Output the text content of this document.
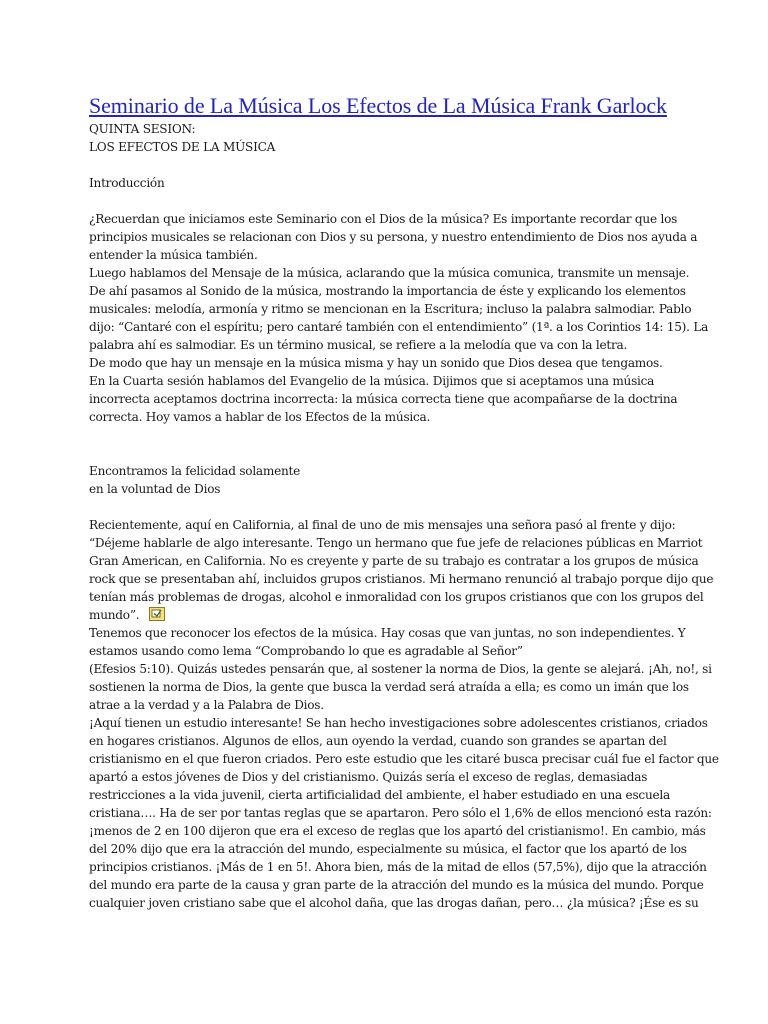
Seminario de La Música Los Efectos de La Música Frank Garlock
QUINTA SESION:
LOS EFECTOS DE LA MÚSICA
Introducción
¿Recuerdan que iniciamos este Seminario con el Dios de la música? Es importante recordar que los
principios musicales se relacionan con Dios y su persona, y nuestro entendimiento de Dios nos ayuda a
entender la música también.
Luego hablamos del Mensaje de la música, aclarando que la música comunica, transmite un mensaje.
De ahí pasamos al Sonido de la música, mostrando la importancia de éste y explicando los elementos
musicales: melodía, armonía y ritmo se mencionan en la Escritura; incluso la palabra salmodiar. Pablo
dijo: “Cantaré con el espíritu; pero cantaré también con el entendimiento” (1ª. a los Corintios 14: 15). La
palabra ahí es salmodiar. Es un término musical, se refiere a la melodía que va con la letra.
De modo que hay un mensaje en la música misma y hay un sonido que Dios desea que tengamos.
En la Cuarta sesión hablamos del Evangelio de la música. Dijimos que si aceptamos una música
incorrecta aceptamos doctrina incorrecta: la música correcta tiene que acompañarse de la doctrina
correcta. Hoy vamos a hablar de los Efectos de la música.
Encontramos la felicidad solamente
en la voluntad de Dios
Recientemente, aquí en California, al final de uno de mis mensajes una señora pasó al frente y dijo:
“Déjeme hablarle de algo interesante. Tengo un hermano que fue jefe de relaciones públicas en Marriot
Gran American, en California. No es creyente y parte de su trabajo es contratar a los grupos de música
rock que se presentaban ahí, incluidos grupos cristianos. Mi hermano renunció al trabajo porque dijo que
tenían más problemas de drogas, alcohol e inmoralidad con los grupos cristianos que con los grupos del
mundo”.
Tenemos que reconocer los efectos de la música. Hay cosas que van juntas, no son independientes. Y
estamos usando como lema “Comprobando lo que es agradable al Señor”
(Efesios 5:10). Quizás ustedes pensarán que, al sostener la norma de Dios, la gente se alejará. ¡Ah, no!, si
sostienen la norma de Dios, la gente que busca la verdad será atraída a ella; es como un imán que los
atrae a la verdad y a la Palabra de Dios.
¡Aquí tienen un estudio interesante! Se han hecho investigaciones sobre adolescentes cristianos, criados
en hogares cristianos. Algunos de ellos, aun oyendo la verdad, cuando son grandes se apartan del
cristianismo en el que fueron criados. Pero este estudio que les citaré busca precisar cuál fue el factor que
apartó a estos jóvenes de Dios y del cristianismo. Quizás sería el exceso de reglas, demasiadas
restricciones a la vida juvenil, cierta artificialidad del ambiente, el haber estudiado en una escuela
cristiana…. Ha de ser por tantas reglas que se apartaron. Pero sólo el 1,6% de ellos mencionó esta razón:
¡menos de 2 en 100 dijeron que era el exceso de reglas que los apartó del cristianismo!. En cambio, más
del 20% dijo que era la atracción del mundo, especialmente su música, el factor que los apartó de los
principios cristianos. ¡Más de 1 en 5!. Ahora bien, más de la mitad de ellos (57,5%), dijo que la atracción
del mundo era parte de la causa y gran parte de la atracción del mundo es la música del mundo. Porque
cualquier joven cristiano sabe que el alcohol daña, que las drogas dañan, pero… ¿la música? ¡Ése es su
